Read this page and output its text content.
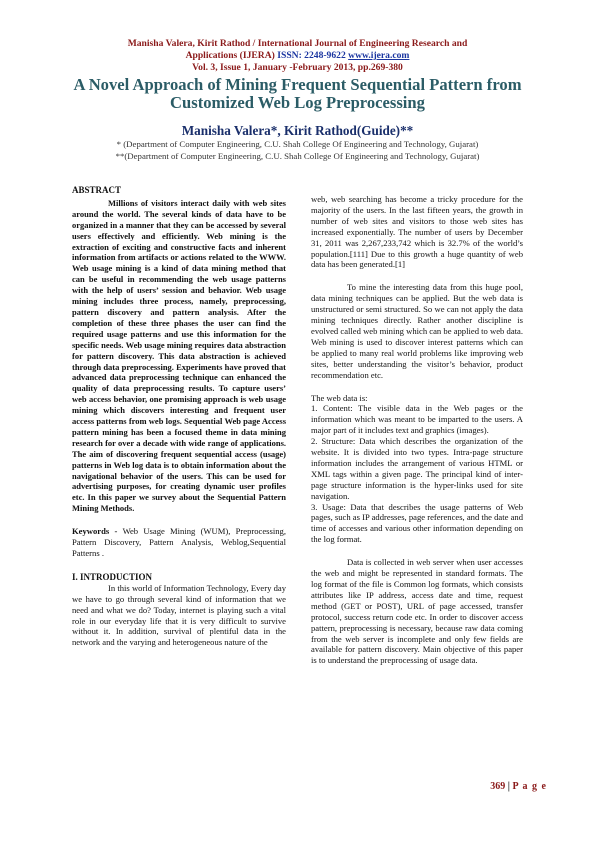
Manisha Valera, Kirit Rathod / International Journal of Engineering Research and
Applications (IJERA) ISSN: 2248-9622 www.ijera.com
Vol. 3, Issue 1, January -February 2013, pp.269-380
A Novel Approach of Mining Frequent Sequential Pattern from
Customized Web Log Preprocessing
Manisha Valera*, Kirit Rathod(Guide)**
* (Department of Computer Engineering, C.U. Shah College Of Engineering and Technology, Gujarat)
**(Department of Computer Engineering, C.U. Shah College Of Engineering and Technology, Gujarat)

ABSTRACT

Millions of visitors interact daily with web sites around the world. The several kinds of data have to be organized in a manner that they can be accessed by several users effectively and efficiently. Web mining is the extraction of exciting and constructive facts and inherent information from artifacts or actions related to the WWW. Web usage mining is a kind of data mining method that can be useful in recommending the web usage patterns with the help of users’ session and behavior. Web usage mining includes three process, namely, preprocessing, pattern discovery and pattern analysis. After the completion of these three phases the user can find the required usage patterns and use this information for the specific needs. Web usage mining requires data abstraction for pattern discovery. This data abstraction is achieved through data preprocessing. Experiments have proved that advanced data preprocessing technique can enhanced the quality of data preprocessing results. To capture users’ web access behavior, one promising approach is web usage mining which discovers interesting and frequent user access patterns from web logs. Sequential Web page Access pattern mining has been a focused theme in data mining research for over a decade with wide range of applications. The aim of discovering frequent sequential access (usage) patterns in Web log data is to obtain information about the navigational behavior of the users. This can be used for advertising purposes, for creating dynamic user profiles etc. In this paper we survey about the Sequential Pattern Mining Methods.

Keywords - Web Usage Mining (WUM), Preprocessing, Pattern Discovery, Pattern Analysis, Weblog,Sequential Patterns .

I. INTRODUCTION

In this world of Information Technology, Every day we have to go through several kind of information that we need and what we do? Today, internet is playing such a vital role in our everyday life that it is very difficult to survive without it. In addition, survival of plentiful data in the network and the varying and heterogeneous nature of the

web, web searching has become a tricky procedure for the majority of the users. In the last fifteen years, the growth in number of web sites and visitors to those web sites has increased exponentially. The number of users by December 31, 2011 was 2,267,233,742 which is 32.7% of the world’s population.[111] Due to this growth a huge quantity of web data has been generated.[1]

To mine the interesting data from this huge pool, data mining techniques can be applied. But the web data is unstructured or semi structured. So we can not apply the data mining techniques directly. Rather another discipline is evolved called web mining which can be applied to web data. Web mining is used to discover interest patterns which can be applied to many real world problems like improving web sites, better understanding the visitor’s behavior, product recommendation etc.

The web data is:

1. Content: The visible data in the Web pages or the information which was meant to be imparted to the users. A major part of it includes text and graphics (images).

2. Structure: Data which describes the organization of the website. It is divided into two types. Intra-page structure information includes the arrangement of various HTML or XML tags within a given page. The principal kind of inter-page structure information is the hyper-links used for site navigation.

3. Usage: Data that describes the usage patterns of Web pages, such as IP addresses, page references, and the date and time of accesses and various other information depending on the log format.

Data is collected in web server when user accesses the web and might be represented in standard formats. The log format of the file is Common log formats, which consists attributes like IP address, access date and time, request method (GET or POST), URL of page accessed, transfer protocol, success return code etc. In order to discover access pattern, preprocessing is necessary, because raw data coming from the web server is incomplete and only few fields are available for pattern discovery. Main objective of this paper is to understand the preprocessing of usage data.

369 | P a g e
